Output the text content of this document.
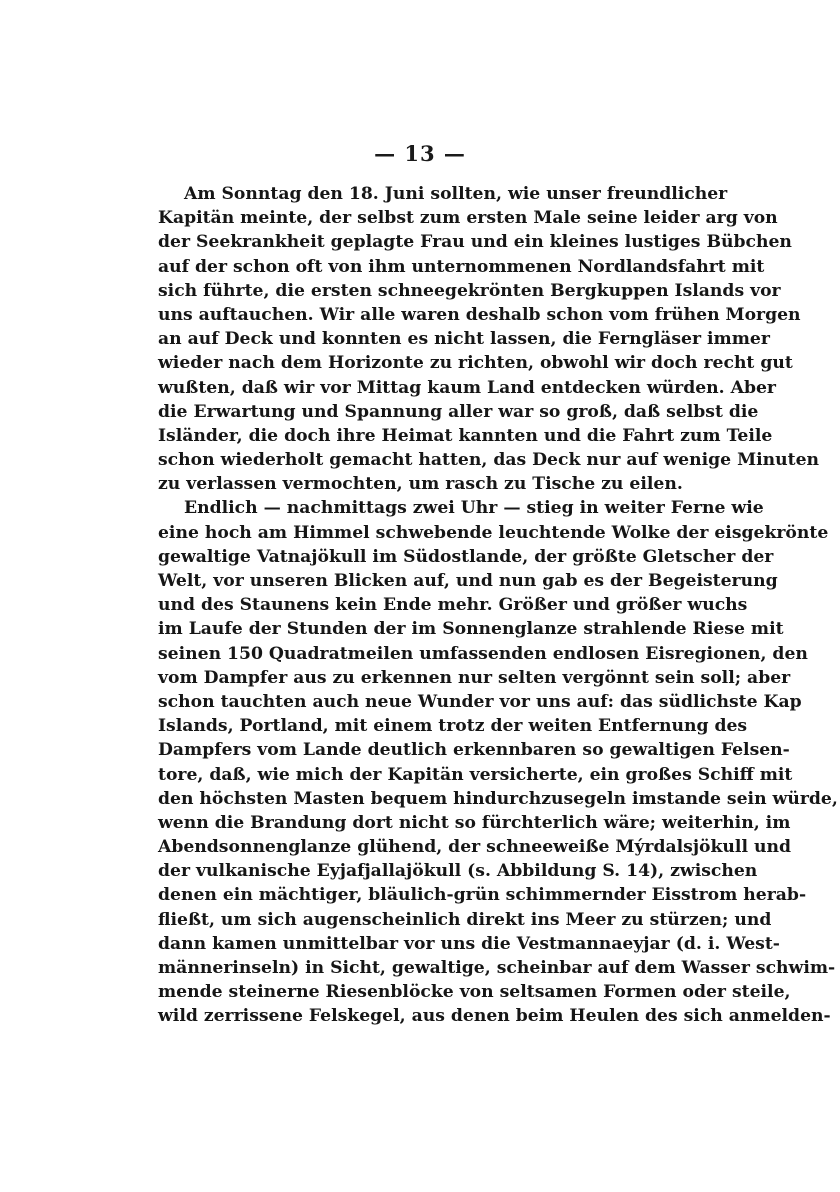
— 13 —
Am Sonntag den 18. Juni sollten, wie unser freundlicher
Kapitän meinte, der selbst zum ersten Male seine leider arg von
der Seekrankheit geplagte Frau und ein kleines lustiges Bübchen
auf der schon oft von ihm unternommenen Nordlandsfahrt mit
sich führte, die ersten schneegekrönten Bergkuppen Islands vor
uns auftauchen. Wir alle waren deshalb schon vom frühen Morgen
an auf Deck und konnten es nicht lassen, die Ferngläser immer
wieder nach dem Horizonte zu richten, obwohl wir doch recht gut
wußten, daß wir vor Mittag kaum Land entdecken würden. Aber
die Erwartung und Spannung aller war so groß, daß selbst die
Isländer, die doch ihre Heimat kannten und die Fahrt zum Teile
schon wiederholt gemacht hatten, das Deck nur auf wenige Minuten
zu verlassen vermochten, um rasch zu Tische zu eilen.
Endlich — nachmittags zwei Uhr — stieg in weiter Ferne wie
eine hoch am Himmel schwebende leuchtende Wolke der eisgekrönte
gewaltige Vatnajökull im Südostlande, der größte Gletscher der
Welt, vor unseren Blicken auf, und nun gab es der Begeisterung
und des Staunens kein Ende mehr. Größer und größer wuchs
im Laufe der Stunden der im Sonnenglanze strahlende Riese mit
seinen 150 Quadratmeilen umfassenden endlosen Eisregionen, den
vom Dampfer aus zu erkennen nur selten vergönnt sein soll; aber
schon tauchten auch neue Wunder vor uns auf: das südlichste Kap
Islands, Portland, mit einem trotz der weiten Entfernung des
Dampfers vom Lande deutlich erkennbaren so gewaltigen Felsen-
tore, daß, wie mich der Kapitän versicherte, ein großes Schiff mit
den höchsten Masten bequem hindurchzusegeln imstande sein würde,
wenn die Brandung dort nicht so fürchterlich wäre; weiterhin, im
Abendsonnenglanze glühend, der schneeweiße Mýrdalsjökull und
der vulkanische Eyjafjallajökull (s. Abbildung S. 14), zwischen
denen ein mächtiger, bläulich-grün schimmernder Eisstrom herab-
fließt, um sich augenscheinlich direkt ins Meer zu stürzen; und
dann kamen unmittelbar vor uns die Vestmannaeyjar (d. i. West-
männerinseln) in Sicht, gewaltige, scheinbar auf dem Wasser schwim-
mende steinerne Riesenblöcke von seltsamen Formen oder steile,
wild zerrissene Felskegel, aus denen beim Heulen des sich anmelden-
